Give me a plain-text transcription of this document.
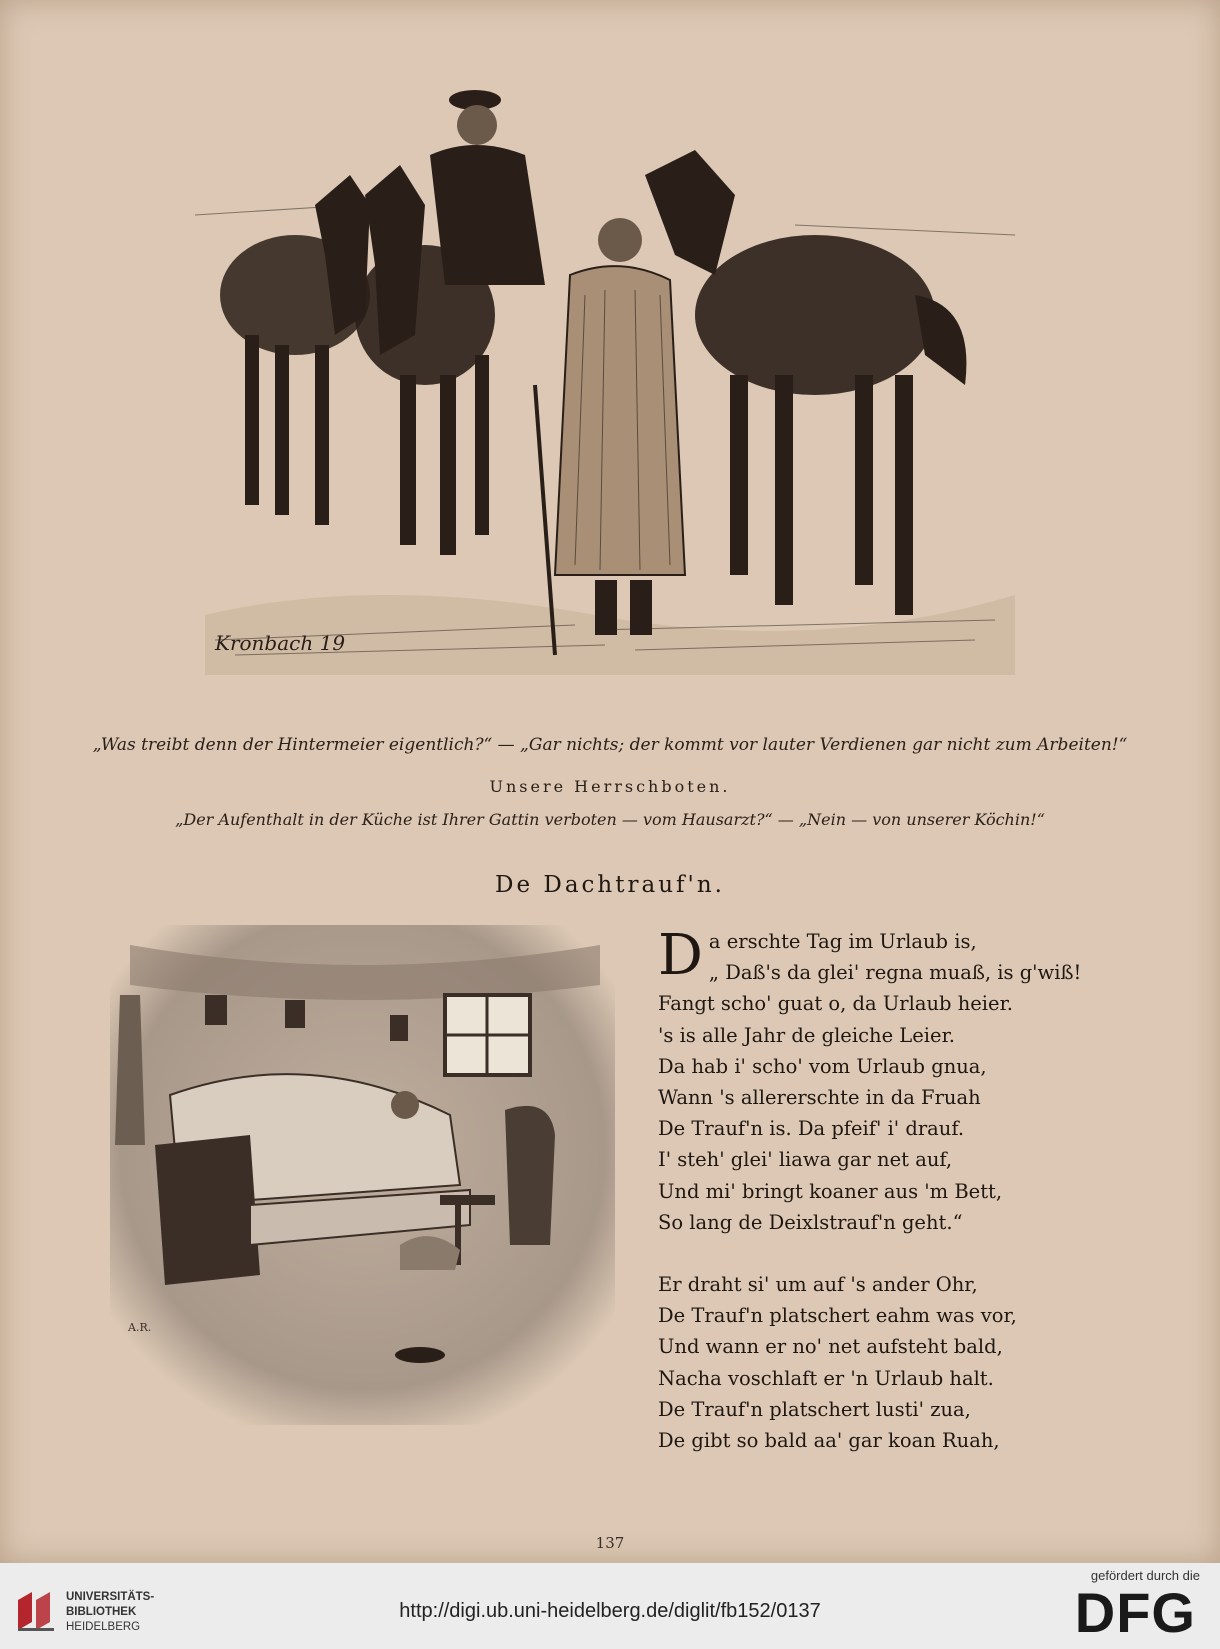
Kronbach 19
„Was treibt denn der Hintermeier eigentlich?“ — „Gar nichts; der kommt vor lauter Verdienen gar nicht zum Arbeiten!“
Unsere Herrschboten.
„Der Aufenthalt in der Küche ist Ihrer Gattin verboten — vom Hausarzt?“ — „Nein — von unserer Köchin!“
De Dachtrauf'n.
A.R.
D a erschte Tag im Urlaub is,
„ Daß's da glei' regna muaß, is g'wiß!
Fangt scho' guat o, da Urlaub heier.
's is alle Jahr de gleiche Leier.
Da hab i' scho' vom Urlaub gnua,
Wann 's allererschte in da Fruah
De Trauf'n is. Da pfeif' i' drauf.
I' steh' glei' liawa gar net auf,
Und mi' bringt koaner aus 'm Bett,
So lang de Deixlstrauf'n geht.“
Er draht si' um auf 's ander Ohr,
De Trauf'n platschert eahm was vor,
Und wann er no' net aufsteht bald,
Nacha voschlaft er 'n Urlaub halt.
De Trauf'n platschert lusti' zua,
De gibt so bald aa' gar koan Ruah,
137
UNIVERSITÄTS-
BIBLIOTHEK
HEIDELBERG
http://digi.ub.uni-heidelberg.de/diglit/fb152/0137
gefördert durch die
DFG
